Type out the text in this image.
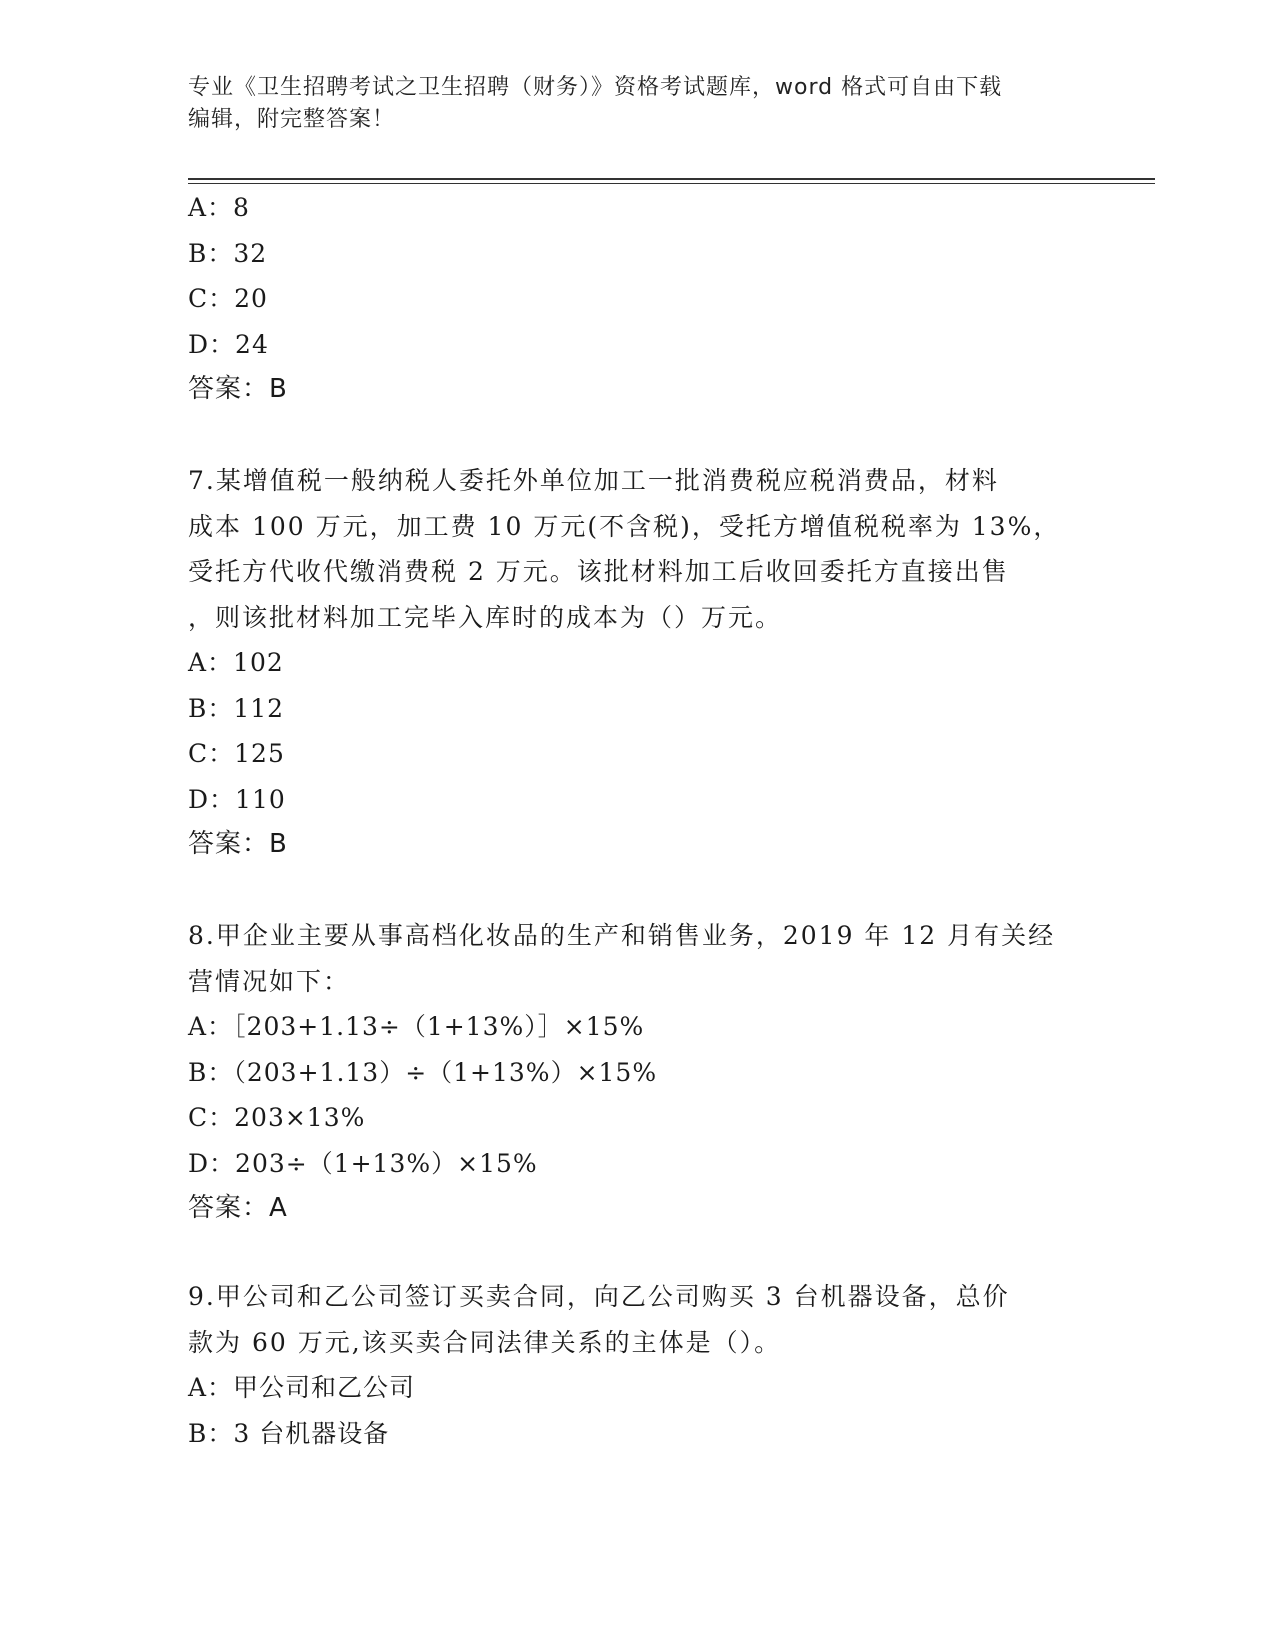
专业《卫生招聘考试之卫生招聘（财务）》资格考试题库，word 格式可自由下载
编辑，附完整答案！
A：8
B：32
C：20
D：24
答案：B
7.某增值税一般纳税人委托外单位加工一批消费税应税消费品，材料
成本 100 万元，加工费 10 万元(不含税)，受托方增值税税率为 13%，
受托方代收代缴消费税 2 万元。该批材料加工后收回委托方直接出售
，则该批材料加工完毕入库时的成本为（）万元。
A：102
B：112
C：125
D：110
答案：B
8.甲企业主要从事高档化妆品的生产和销售业务，2019 年 12 月有关经
营情况如下：
A：［203+1.13÷（1+13%）］×15%
B：（203+1.13）÷（1+13%）×15%
C：203×13%
D：203÷（1+13%）×15%
答案：A
9.甲公司和乙公司签订买卖合同，向乙公司购买 3 台机器设备，总价
款为 60 万元,该买卖合同法律关系的主体是（）。
A：甲公司和乙公司
B：3 台机器设备
